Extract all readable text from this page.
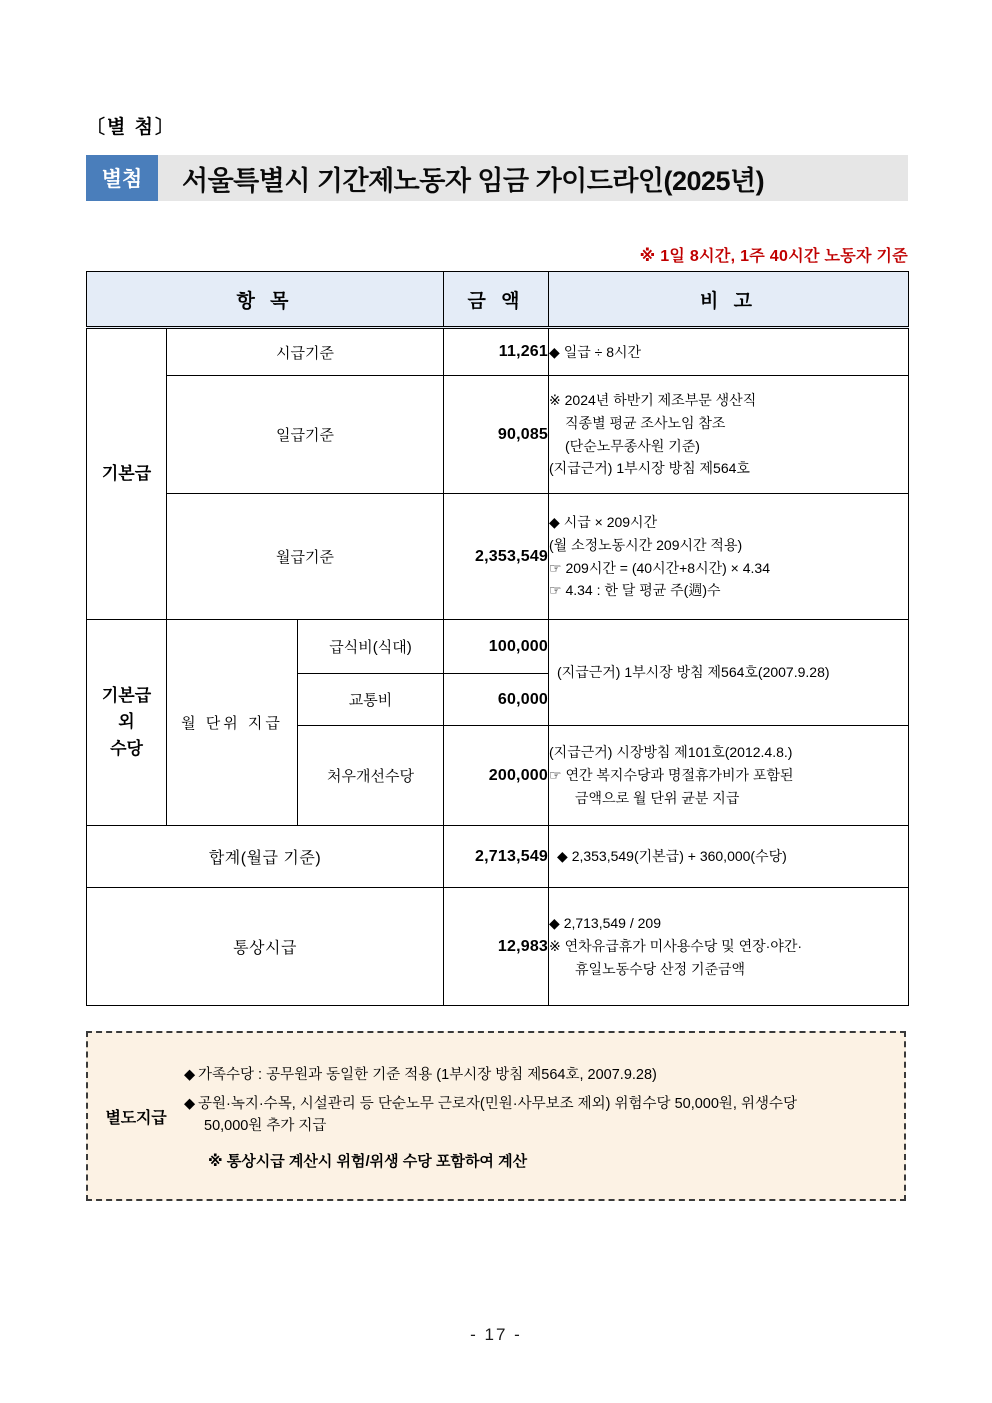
〔별 첨〕
별첨	서울특별시 기간제노동자 임금 가이드라인(2025년)
※ 1일 8시간, 1주 40시간 노동자 기준
항 목			금 액	비 고
기본급	시급기준		11,261	◆ 일급 ÷ 8시간

	일급기준		90,085	※ 2024년 하반기 제조부문 생산직
직종별 평균 조사노임 참조
(단순노무종사원 기준)
(지급근거) 1부시장 방침 제564호

	월급기준		2,353,549	◆ 시급 × 209시간
(월 소정노동시간 209시간 적용)
☞ 209시간 = (40시간+8시간) × 4.34
☞ 4.34 : 한 달 평균 주(週)수

기본급
외
수당	월 단위 지급	급식비(식대)	100,000	(지급근거) 1부시장 방침 제564호(2007.9.28)

		교통비	60,000	
		처우개선수당	200,000	(지급근거) 시장방침 제101호(2012.4.8.)
☞ 연간 복지수당과 명절휴가비가 포함된
금액으로 월 단위 균분 지급

합계(월급 기준)			2,713,549	◆ 2,353,549(기본급) + 360,000(수당)

통상시급			12,983	◆ 2,713,549 / 209
※ 연차유급휴가 미사용수당 및 연장·야간·
휴일노동수당 산정 기준금액
별도지급
◆ 가족수당 : 공무원과 동일한 기준 적용 (1부시장 방침 제564호, 2007.9.28)
◆ 공원·녹지·수목, 시설관리 등 단순노무 근로자(민원·사무보조 제외) 위험수당 50,000원, 위생수당
50,000원 추가 지급
※ 통상시급 계산시 위험/위생 수당 포함하여 계산
- 17 -
